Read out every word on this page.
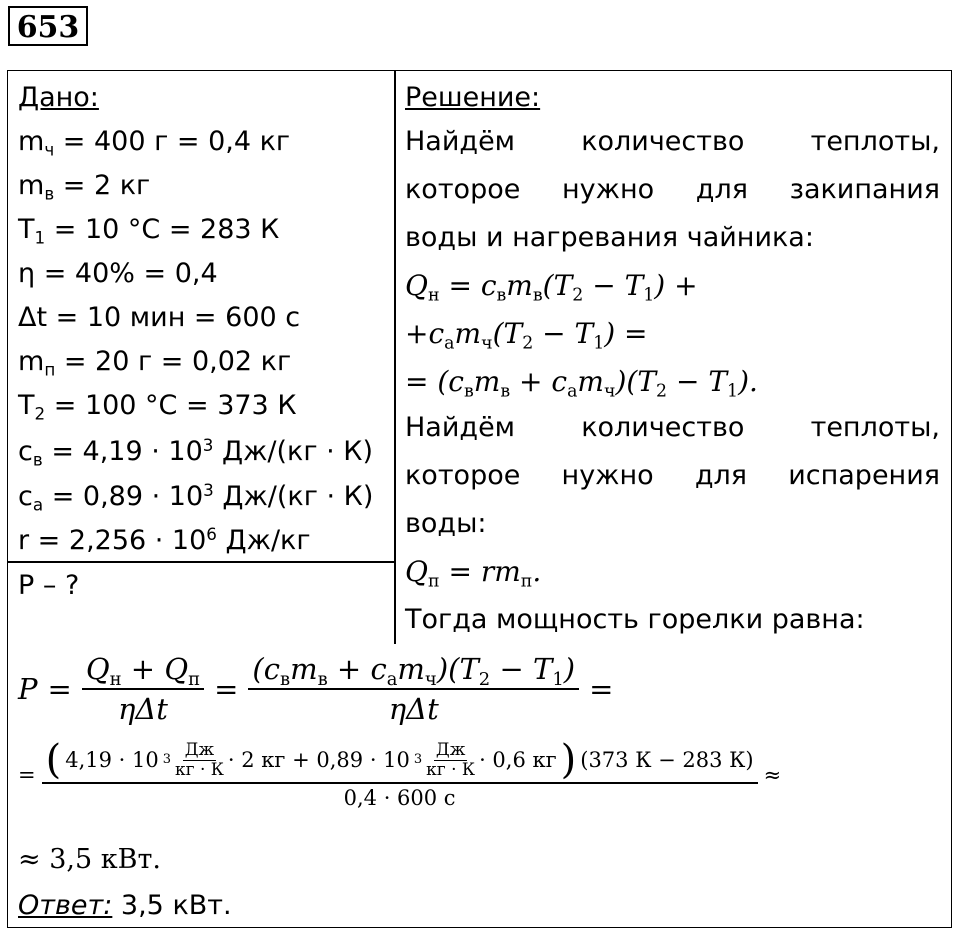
653
Дано:
$m_ч = 400$ г = 0,4 кг
$m_в = 2$ кг
$T_1 = 10$ °С = 283 К
η = 40% = 0,4
Δt = 10 мин = 600 с
$m_п = 20$ г = 0,02 кг
$T_2 = 100$ °С = 373 К
$c_в = 4,19 \cdot 10^3$ Дж/(кг · К)
$c_а = 0,89 \cdot 10^3$ Дж/(кг · К)
$r = 2,256 \cdot 10^6$ Дж/кг
P – ?
Решение:
Найдём количество теплоты,
которое нужно для закипания
воды и нагревания чайника:
$Q_н = c_вm_в(T_2 - T_1)$ +
$+c_аm_ч(T_2 - T_1)$ =
= $(c_вm_в + c_аm_ч)(T_2 - T_1)$.
Найдём количество теплоты,
которое нужно для испарения
воды:
$Q_п = rm_п$.
Тогда мощность горелки равна:
$P = \frac{Q_н + Q_п}{\text{ηΔt}} = \frac{(c_вm_в + c_аm_ч)(T_2 - T_1)}{\text{ηΔt}}$ =
= ( 4,19 · 10 $3 \frac{Дж}{кг \cdot К} \cdot 2$ кг + 0,89 · 10 $3 \frac{Дж}{кг \cdot К} \cdot 0,6$ кг ) (373 К − 283 К)
0,4 · 600 с
≈
≈ 3,5 кВт.
Ответ: 3,5 кВт.
